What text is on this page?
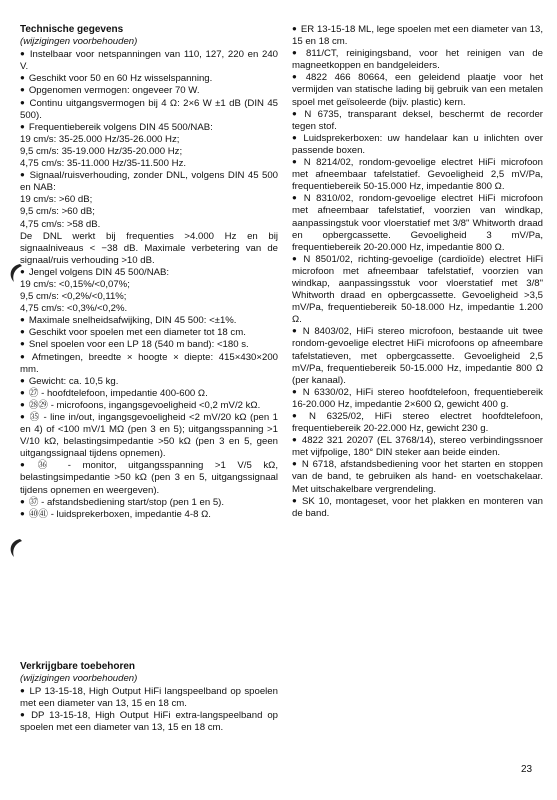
Technische gegevens

(wijzigingen voorbehouden)

● Instelbaar voor netspanningen van 110, 127, 220 en 240 V.

● Geschikt voor 50 en 60 Hz wisselspanning.

● Opgenomen vermogen: ongeveer 70 W.

● Continu uitgangsvermogen bij 4 Ω: 2×6 W ±1 dB (DIN 45 500).

● Frequentiebereik volgens DIN 45 500/NAB:

19 cm/s: 35-25.000 Hz/35-26.000 Hz;

9,5 cm/s: 35-19.000 Hz/35-20.000 Hz;

4,75 cm/s: 35-11.000 Hz/35-11.500 Hz.

● Signaal/ruisverhouding, zonder DNL, volgens DIN 45 500 en NAB:

19 cm/s: >60 dB;

9,5 cm/s: >60 dB;

4,75 cm/s: >58 dB.

De DNL werkt bij frequenties >4.000 Hz en bij signaalniveaus < −38 dB. Maximale verbetering van de signaal/ruis verhouding >10 dB.

● Jengel volgens DIN 45 500/NAB:

19 cm/s: <0,15%/<0,07%;

9,5 cm/s: <0,2%/<0,11%;

4,75 cm/s: <0,3%/<0,2%.

● Maximale snelheidsafwijking, DIN 45 500: <±1%.

● Geschikt voor spoelen met een diameter tot 18 cm.

● Snel spoelen voor een LP 18 (540 m band): <180 s.

● Afmetingen, breedte × hoogte × diepte: 415×430×200 mm.

● Gewicht: ca. 10,5 kg.

● ㉗ - hoofdtelefoon, impedantie 400-600 Ω.

● ㉘㉙ - microfoons, ingangsgevoeligheid <0,2 mV/2 kΩ.

● ㉟ - line in/out, ingangsgevoeligheid <2 mV/20 kΩ (pen 1 en 4) of <100 mV/1 MΩ (pen 3 en 5); uitgangsspanning >1 V/10 kΩ, belastingsimpedantie >50 kΩ (pen 3 en 5, geen uitgangssignaal tijdens opnemen).

● ㊱ - monitor, uitgangsspanning >1 V/5 kΩ, belastingsimpedantie >50 kΩ (pen 3 en 5, uitgangssignaal tijdens opnemen en weergeven).

● ㊲ - afstandsbediening start/stop (pen 1 en 5).

● ㊵㊶ - luidsprekerboxen, impedantie 4-8 Ω.

● ER 13-15-18 ML, lege spoelen met een diameter van 13, 15 en 18 cm.

● 811/CT, reinigingsband, voor het reinigen van de magneetkoppen en bandgeleiders.

● 4822 466 80664, een geleidend plaatje voor het vermijden van statische lading bij gebruik van een metalen spoel met geïsoleerde (bijv. plastic) kern.

● N 6735, transparant deksel, beschermt de recorder tegen stof.

● Luidsprekerboxen: uw handelaar kan u inlichten over passende boxen.

● N 8214/02, rondom-gevoelige electret HiFi microfoon met afneembaar tafelstatief. Gevoeligheid 2,5 mV/Pa, frequentiebereik 50-15.000 Hz, impedantie 800 Ω.

● N 8310/02, rondom-gevoelige electret HiFi microfoon met afneembaar tafelstatief, voorzien van windkap, aanpassingstuk voor vloerstatief met 3/8" Whitworth draad en opbergcassette. Gevoeligheid 3 mV/Pa, frequentiebereik 20-20.000 Hz, impedantie 800 Ω.

● N 8501/02, richting-gevoelige (cardioïde) electret HiFi microfoon met afneembaar tafelstatief, voorzien van windkap, aanpassingsstuk voor vloerstatief met 3/8" Whitworth draad en opbergcassette. Gevoeligheid >3,5 mV/Pa, frequentiebereik 50-18.000 Hz, impedantie 1.200 Ω.

● N 8403/02, HiFi stereo microfoon, bestaande uit twee rondom-gevoelige electret HiFi microfoons op afneembare tafelstatieven, met opbergcassette. Gevoeligheid 2,5 mV/Pa, frequentiebereik 50-15.000 Hz, impedantie 800 Ω (per kanaal).

● N 6330/02, HiFi stereo hoofdtelefoon, frequentiebereik 16-20.000 Hz, impedantie 2×600 Ω, gewicht 400 g.

● N 6325/02, HiFi stereo electret hoofdtelefoon, frequentiebereik 20-22.000 Hz, gewicht 230 g.

● 4822 321 20207 (EL 3768/14), stereo verbindingssnoer met vijfpolige, 180° DIN steker aan beide einden.

● N 6718, afstandsbediening voor het starten en stoppen van de band, te gebruiken als hand- en voetschakelaar. Met uitschakelbare vergrendeling.

● SK 10, montageset, voor het plakken en monteren van de band.

Verkrijgbare toebehoren

(wijzigingen voorbehouden)

● LP 13-15-18, High Output HiFi langspeelband op spoelen met een diameter van 13, 15 en 18 cm.

● DP 13-15-18, High Output HiFi extra-langspeelband op spoelen met een diameter van 13, 15 en 18 cm.

23
